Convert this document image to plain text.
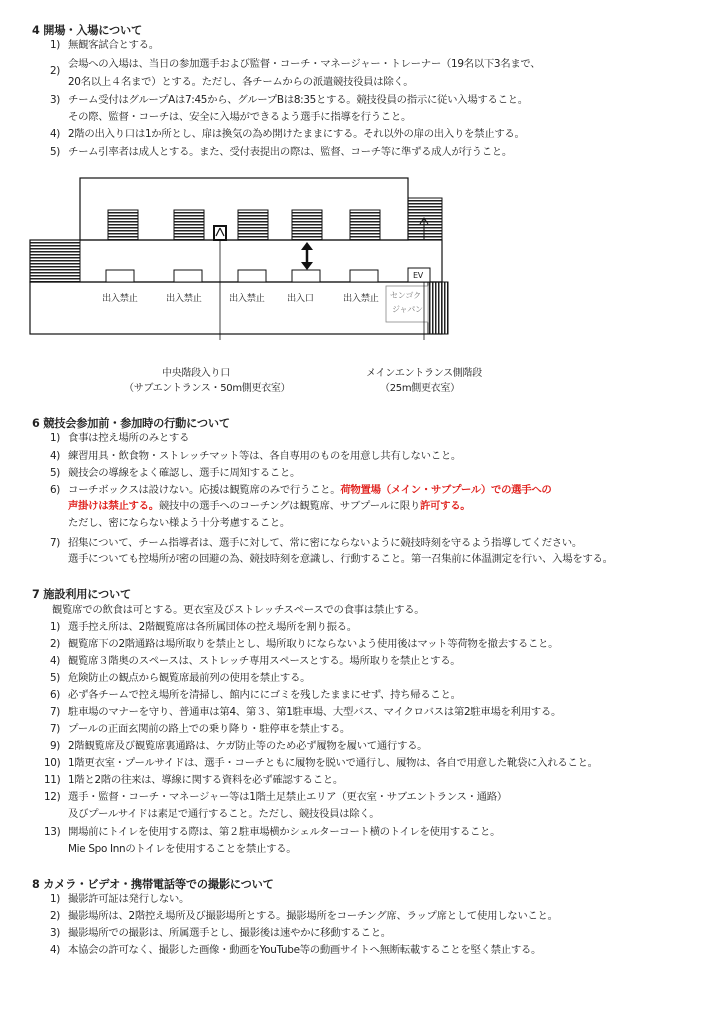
4 開場・入場について
1) 無観客試合とする。
2)
会場への入場は、当日の参加選手および監督・コーチ・マネージャー・トレーナー（19名以下3名まで、
20名以上４名まで）とする。ただし、各チームからの派遣競技役員は除く。
3) チーム受付はグループAは7:45から、グループBは8:35とする。競技役員の指示に従い入場すること。
その際、監督・コーチは、安全に入場ができるよう選手に指導を行うこと。
4) 2階の出入り口は1か所とし、扉は換気の為め開けたままにする。それ以外の扉の出入りを禁止する。
5) チーム引率者は成人とする。また、受付表提出の際は、監督、コーチ等に準ずる成人が行うこと。
出入禁止	出入禁止	出入禁止 出入口	出入禁止
EV
センゴク
ジャパン
中央階段入り口
（サブエントランス・50m側更衣室）
メインエントランス側階段
（25m側更衣室）
6 競技会参加前・参加時の行動について
1) 食事は控え場所のみとする
4) 練習用具・飲食物・ストレッチマット等は、各自専用のものを用意し共有しないこと。
5) 競技会の導線をよく確認し、選手に周知すること。
6) コーチボックスは設けない。応援は観覧席のみで行うこと。荷物置場（メイン・サブプール）での選手への
声掛けは禁止する。競技中の選手へのコーチングは観覧席、サブプールに限り許可する。
ただし、密にならない様よう十分考慮すること。
7) 招集について、チーム指導者は、選手に対して、常に密にならないように競技時刻を守るよう指導してください。
選手についても控場所が密の回避の為、競技時刻を意識し、行動すること。第一召集前に体温測定を行い、入場をする。
7 施設利用について
観覧席での飲食は可とする。更衣室及びストレッチスペースでの食事は禁止する。
1) 選手控え所は、2階観覧席は各所属団体の控え場所を割り振る。
2) 観覧席下の2階通路は場所取りを禁止とし、場所取りにならないよう使用後はマット等荷物を撤去すること。
4) 観覧席３階奥のスペースは、ストレッチ専用スペースとする。場所取りを禁止とする。
5) 危険防止の観点から観覧席最前列の使用を禁止する。
6) 必ず各チームで控え場所を清掃し、館内ににゴミを残したままにせず、持ち帰ること。
7) 駐車場のマナーを守り、普通車は第4、第３、第1駐車場、大型バス、マイクロバスは第2駐車場を利用する。
7) プールの正面玄関前の路上での乗り降り・駐停車を禁止する。
9) 2階観覧席及び観覧席裏通路は、ケガ防止等のため必ず履物を履いて通行する。
10) 1階更衣室・プールサイドは、選手・コーチともに履物を脱いで通行し、履物は、各自で用意した靴袋に入れること。
11) 1階と2階の往来は、導線に関する資料を必ず確認すること。
12) 選手・監督・コーチ・マネージャー等は1階土足禁止エリア（更衣室・サブエントランス・通路）
及びプールサイドは素足で通行すること。ただし、競技役員は除く。
13) 開場前にトイレを使用する際は、第２駐車場横かシェルターコート横のトイレを使用すること。
Mie Spo Innのトイレを使用することを禁止する。
8 カメラ・ビデオ・携帯電話等での撮影について
1) 撮影許可証は発行しない。
2) 撮影場所は、2階控え場所及び撮影場所とする。撮影場所をコーチング席、ラップ席として使用しないこと。
3) 撮影場所での撮影は、所属選手とし、撮影後は速やかに移動すること。
4) 本協会の許可なく、撮影した画像・動画をYouTube等の動画サイトへ無断転載することを堅く禁止する。
